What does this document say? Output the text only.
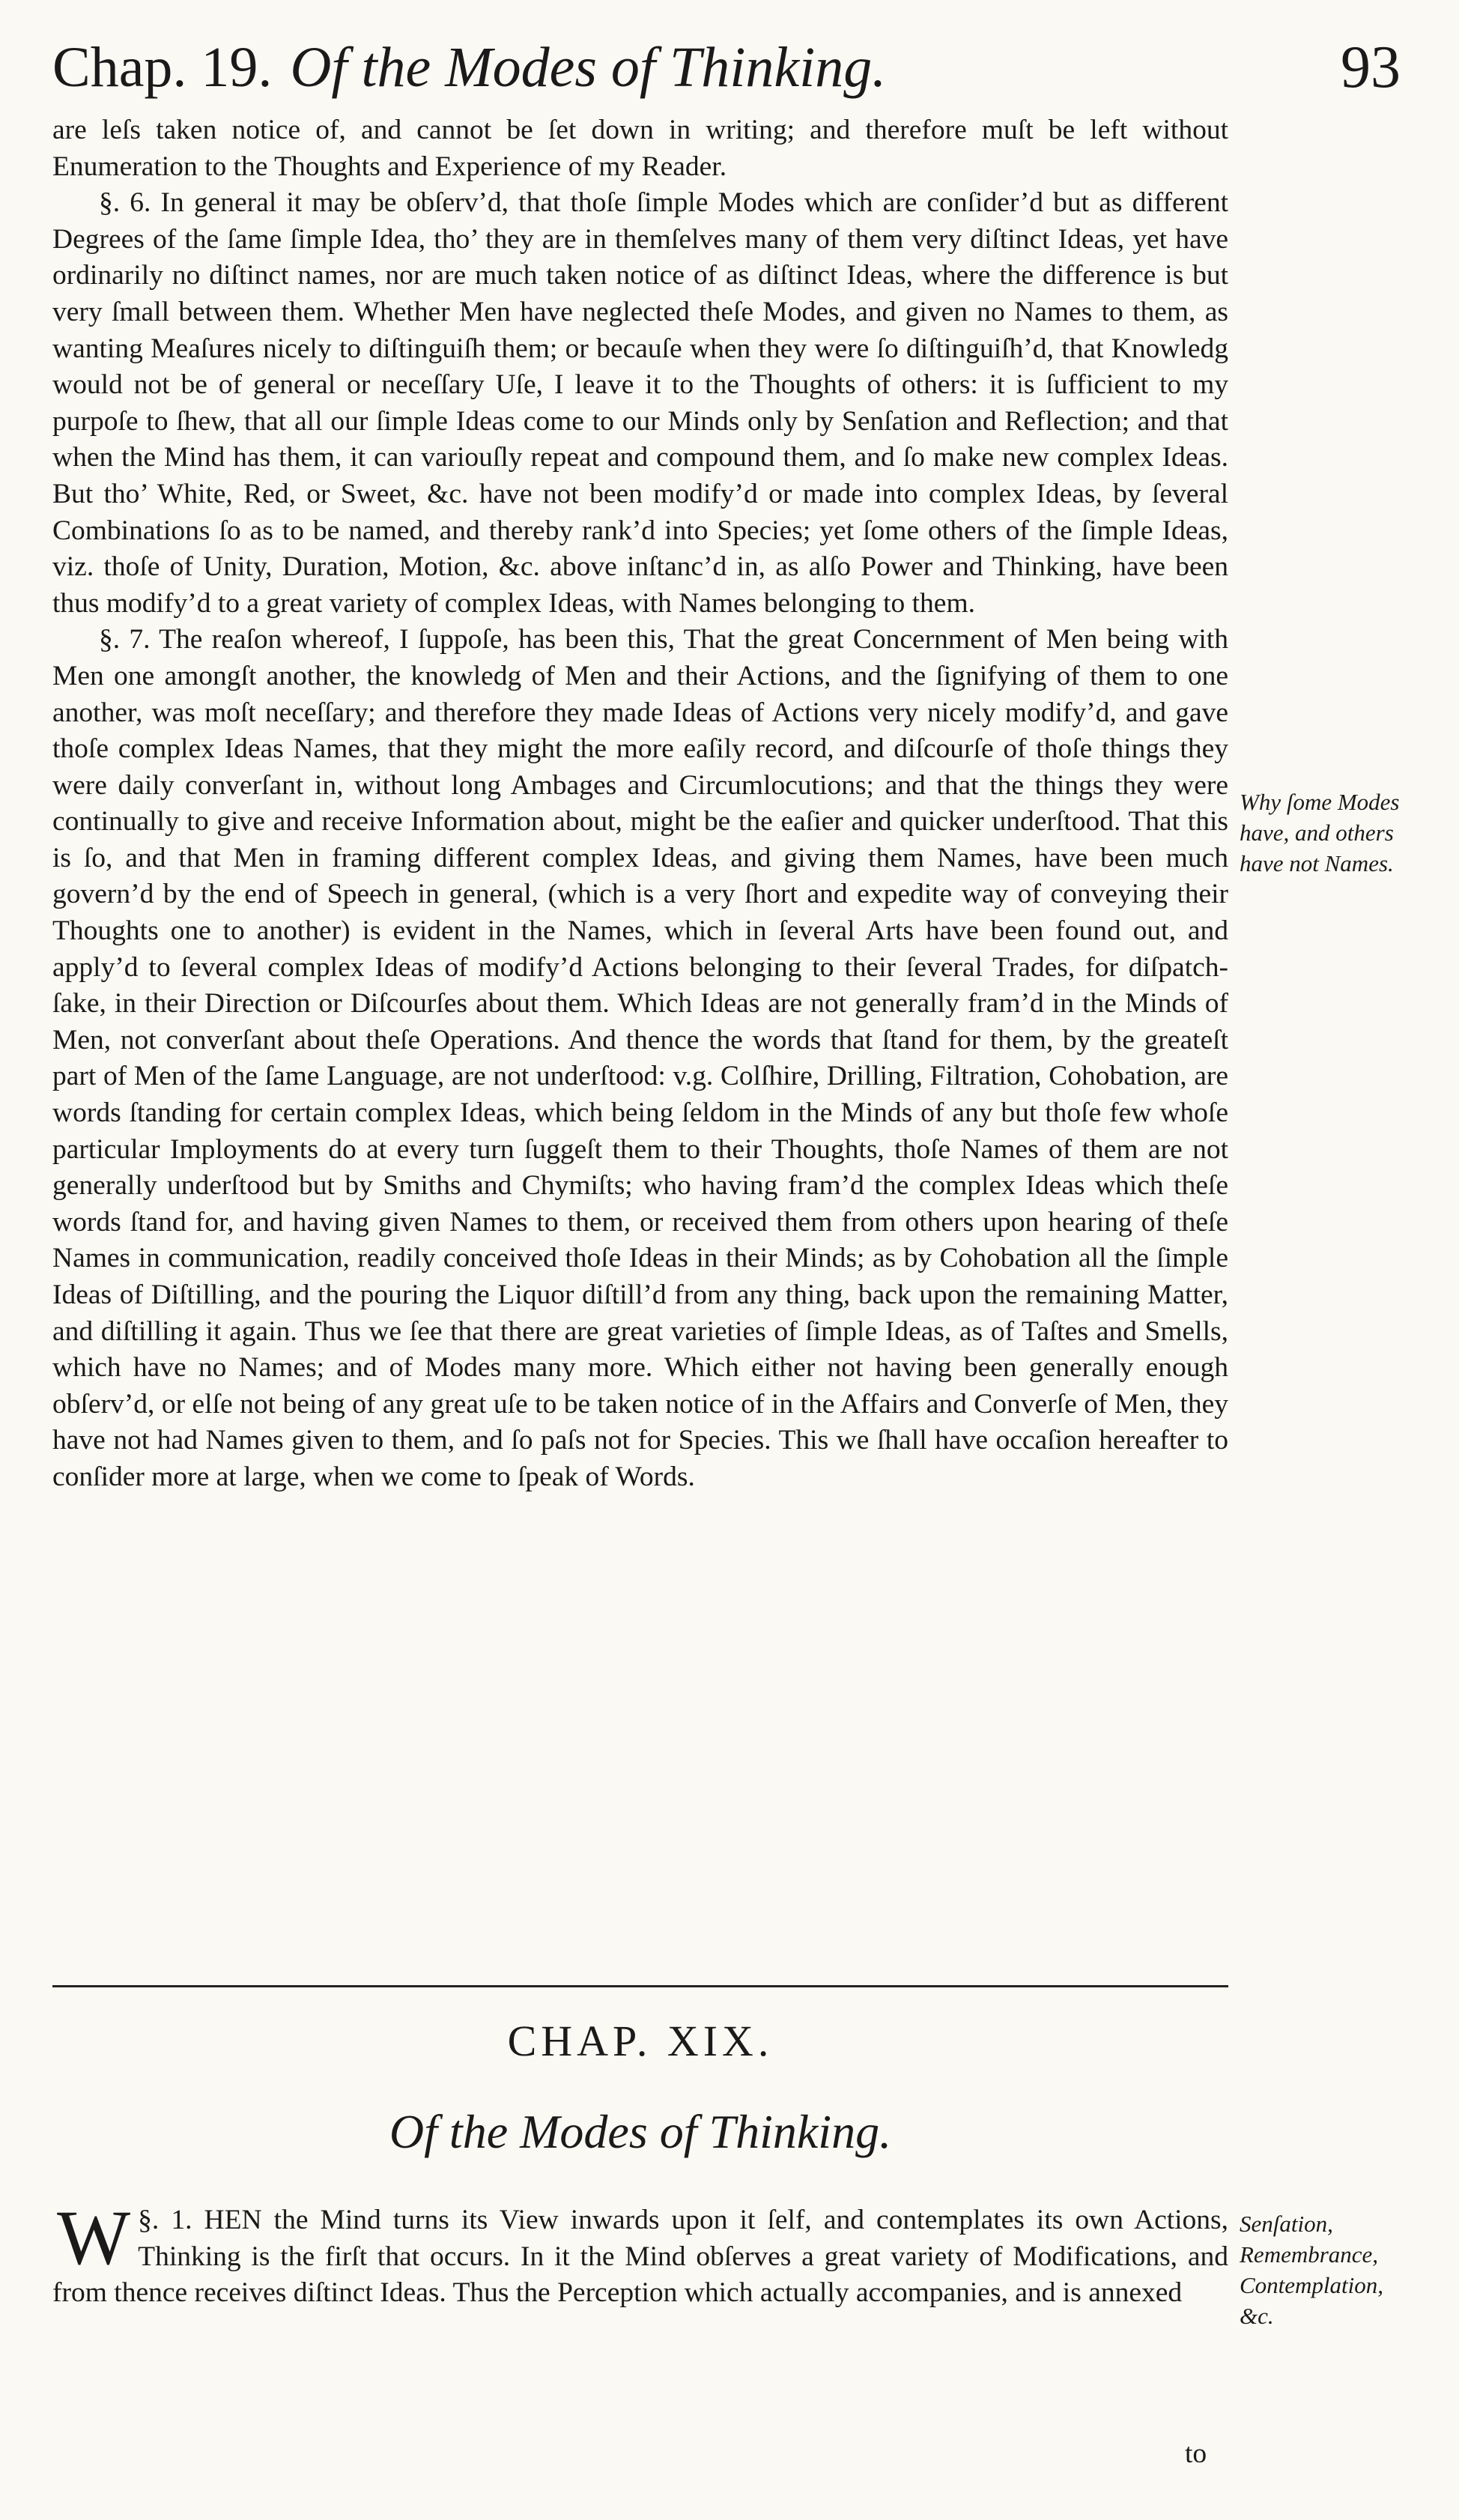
Chap. 19. Of the Modes of Thinking.	93

are leſs taken notice of, and cannot be ſet down in writing; and therefore muſt be left without Enumeration to the Thoughts and Experience of my Reader.

§. 6. In general it may be obſerv’d, that thoſe ſimple Modes which are conſider’d but as different Degrees of the ſame ſimple Idea, tho’ they are in themſelves many of them very diſtinct Ideas, yet have ordinarily no diſtinct names, nor are much taken notice of as diſtinct Ideas, where the difference is but very ſmall between them. Whether Men have neglected theſe Modes, and given no Names to them, as wanting Meaſures nicely to diſtinguiſh them; or becauſe when they were ſo diſtinguiſh’d, that Knowledg would not be of general or neceſſary Uſe, I leave it to the Thoughts of others: it is ſufficient to my purpoſe to ſhew, that all our ſimple Ideas come to our Minds only by Senſation and Reflection; and that when the Mind has them, it can variouſly repeat and compound them, and ſo make new complex Ideas. But tho’ White, Red, or Sweet, &c. have not been modify’d or made into complex Ideas, by ſeveral Combinations ſo as to be named, and thereby rank’d into Species; yet ſome others of the ſimple Ideas, viz. thoſe of Unity, Duration, Motion, &c. above inſtanc’d in, as alſo Power and Thinking, have been thus modify’d to a great variety of complex Ideas, with Names belonging to them.

§. 7. The reaſon whereof, I ſuppoſe, has been this, That the great Concernment of Men being with Men one amongſt another, the knowledg of Men and their Actions, and the ſignifying of them to one another, was moſt neceſſary; and therefore they made Ideas of Actions very nicely modify’d, and gave thoſe complex Ideas Names, that they might the more eaſily record, and diſcourſe of thoſe things they were daily converſant in, without long Ambages and Circumlocutions; and that the things they were continually to give and receive Information about, might be the eaſier and quicker underſtood. That this is ſo, and that Men in framing different complex Ideas, and giving them Names, have been much govern’d by the end of Speech in general, (which is a very ſhort and expedite way of conveying their Thoughts one to another) is evident in the Names, which in ſeveral Arts have been found out, and apply’d to ſeveral complex Ideas of modify’d Actions belonging to their ſeveral Trades, for diſpatch-ſake, in their Direction or Diſcourſes about them. Which Ideas are not generally fram’d in the Minds of Men, not converſant about theſe Operations. And thence the words that ſtand for them, by the greateſt part of Men of the ſame Language, are not underſtood: v.g. Colſhire, Drilling, Filtration, Cohobation, are words ſtanding for certain complex Ideas, which being ſeldom in the Minds of any but thoſe few whoſe particular Imployments do at every turn ſuggeſt them to their Thoughts, thoſe Names of them are not generally underſtood but by Smiths and Chymiſts; who having fram’d the complex Ideas which theſe words ſtand for, and having given Names to them, or received them from others upon hearing of theſe Names in communication, readily conceived thoſe Ideas in their Minds; as by Cohobation all the ſimple Ideas of Diſtilling, and the pouring the Liquor diſtill’d from any thing, back upon the remaining Matter, and diſtilling it again. Thus we ſee that there are great varieties of ſimple Ideas, as of Taſtes and Smells, which have no Names; and of Modes many more. Which either not having been generally enough obſerv’d, or elſe not being of any great uſe to be taken notice of in the Affairs and Converſe of Men, they have not had Names given to them, and ſo paſs not for Species. This we ſhall have occaſion hereafter to conſider more at large, when we come to ſpeak of Words.

Why ſome Modes have, and others have not Names.
CHAP. XIX.
Of the Modes of Thinking.

§. 1.
W	HEN the Mind turns its View inwards upon it ſelf, and contemplates its own Actions, Thinking is the firſt that occurs. In it the Mind obſerves a great variety of Modifications, and from thence receives diſtinct Ideas. Thus the Perception which actually accompanies, and is annexed

Senſation, Remembrance, Contemplation, &c.
to
